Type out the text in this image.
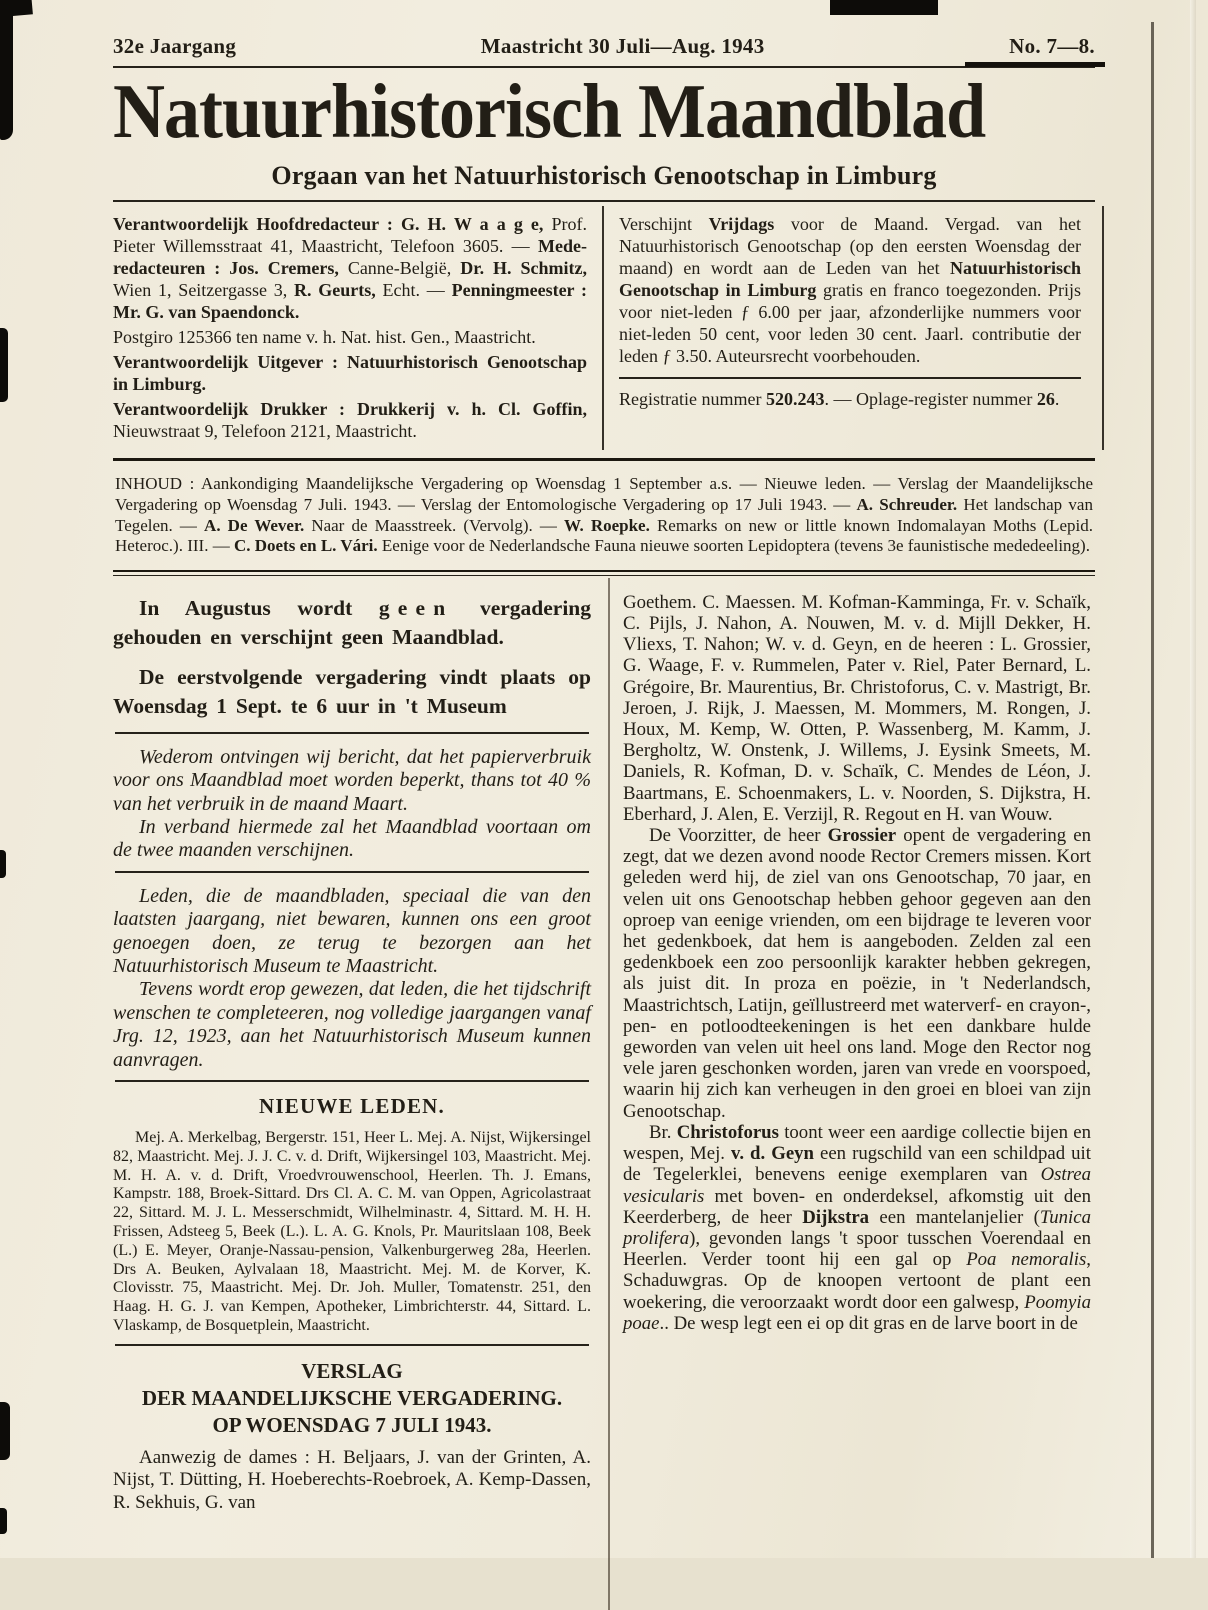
32e Jaargang	Maastricht 30 Juli—Aug. 1943	No. 7—8.
Natuurhistorisch Maandblad
Orgaan van het Natuurhistorisch Genootschap in Limburg

Verantwoordelijk Hoofdredacteur : G. H. W a a g e, Prof. Pieter Willemsstraat 41, Maastricht, Telefoon 3605. — Mede-redacteuren : Jos. Cremers, Canne-België, Dr. H. Schmitz, Wien 1, Seitzergasse 3, R. Geurts, Echt. — Penningmeester : Mr. G. van Spaendonck.

Postgiro 125366 ten name v. h. Nat. hist. Gen., Maastricht.

Verantwoordelijk Uitgever : Natuurhistorisch Genootschap in Limburg.

Verantwoordelijk Drukker : Drukkerij v. h. Cl. Goffin, Nieuwstraat 9, Telefoon 2121, Maastricht.

Verschijnt Vrijdags voor de Maand. Vergad. van het Natuurhistorisch Genootschap (op den eersten Woensdag der maand) en wordt aan de Leden van het Natuurhistorisch Genootschap in Limburg gratis en franco toegezonden. Prijs voor niet-leden ƒ 6.00 per jaar, afzonderlijke nummers voor niet-leden 50 cent, voor leden 30 cent. Jaarl. contributie der leden ƒ 3.50. Auteursrecht voorbehouden.

Registratie nummer 520.243. — Oplage-register nummer 26.

INHOUD : Aankondiging Maandelijksche Vergadering op Woensdag 1 September a.s. — Nieuwe leden. — Verslag der Maandelijksche Vergadering op Woensdag 7 Juli. 1943. — Verslag der Entomologische Vergadering op 17 Juli 1943. — A. Schreuder. Het landschap van Tegelen. — A. De Wever. Naar de Maasstreek. (Vervolg). — W. Roepke. Remarks on new or little known Indomalayan Moths (Lepid. Heteroc.). III. — C. Doets en L. Vári. Eenige voor de Nederlandsche Fauna nieuwe soorten Lepidoptera (tevens 3e faunistische mededeeling).

In Augustus wordt geen vergadering gehouden en verschijnt geen Maandblad.

De eerstvolgende vergadering vindt plaats op Woensdag 1 Sept. te 6 uur in 't Museum

Wederom ontvingen wij bericht, dat het papierverbruik voor ons Maandblad moet worden beperkt, thans tot 40 % van het verbruik in de maand Maart.

In verband hiermede zal het Maandblad voortaan om de twee maanden verschijnen.

Leden, die de maandbladen, speciaal die van den laatsten jaargang, niet bewaren, kunnen ons een groot genoegen doen, ze terug te bezorgen aan het Natuurhistorisch Museum te Maastricht.

Tevens wordt erop gewezen, dat leden, die het tijdschrift wenschen te completeeren, nog volledige jaargangen vanaf Jrg. 12, 1923, aan het Natuurhistorisch Museum kunnen aanvragen.

NIEUWE LEDEN.

Mej. A. Merkelbag, Bergerstr. 151, Heer L. Mej. A. Nijst, Wijkersingel 82, Maastricht. Mej. J. J. C. v. d. Drift, Wijkersingel 103, Maastricht. Mej. M. H. A. v. d. Drift, Vroedvrouwenschool, Heerlen. Th. J. Emans, Kampstr. 188, Broek-Sittard. Drs Cl. A. C. M. van Oppen, Agricolastraat 22, Sittard. M. J. L. Messerschmidt, Wilhelminastr. 4, Sittard. M. H. H. Frissen, Adsteeg 5, Beek (L.). L. A. G. Knols, Pr. Mauritslaan 108, Beek (L.) E. Meyer, Oranje-Nassau-pension, Valkenburgerweg 28a, Heerlen. Drs A. Beuken, Aylvalaan 18, Maastricht. Mej. M. de Korver, K. Clovisstr. 75, Maastricht. Mej. Dr. Joh. Muller, Tomatenstr. 251, den Haag. H. G. J. van Kempen, Apotheker, Limbrichterstr. 44, Sittard. L. Vlaskamp, de Bosquetplein, Maastricht.

VERSLAG
DER MAANDELIJKSCHE VERGADERING.
OP WOENSDAG 7 JULI 1943.

Aanwezig de dames : H. Beljaars, J. van der Grinten, A. Nijst, T. Dütting, H. Hoeberechts-Roebroek, A. Kemp-Dassen, R. Sekhuis, G. van

Goethem. C. Maessen. M. Kofman-Kamminga, Fr. v. Schaïk, C. Pijls, J. Nahon, A. Nouwen, M. v. d. Mijll Dekker, H. Vliexs, T. Nahon; W. v. d. Geyn, en de heeren : L. Grossier, G. Waage, F. v. Rummelen, Pater v. Riel, Pater Bernard, L. Grégoire, Br. Maurentius, Br. Christoforus, C. v. Mastrigt, Br. Jeroen, J. Rijk, J. Maessen, M. Mommers, M. Rongen, J. Houx, M. Kemp, W. Otten, P. Wassenberg, M. Kamm, J. Bergholtz, W. Onstenk, J. Willems, J. Eysink Smeets, M. Daniels, R. Kofman, D. v. Schaïk, C. Mendes de Léon, J. Baartmans, E. Schoenmakers, L. v. Noorden, S. Dijkstra, H. Eberhard, J. Alen, E. Verzijl, R. Regout en H. van Wouw.

De Voorzitter, de heer Grossier opent de vergadering en zegt, dat we dezen avond noode Rector Cremers missen. Kort geleden werd hij, de ziel van ons Genootschap, 70 jaar, en velen uit ons Genootschap hebben gehoor gegeven aan den oproep van eenige vrienden, om een bijdrage te leveren voor het gedenkboek, dat hem is aangeboden. Zelden zal een gedenkboek een zoo persoonlijk karakter hebben gekregen, als juist dit. In proza en poëzie, in 't Nederlandsch, Maastrichtsch, Latijn, geïllustreerd met waterverf- en crayon-, pen- en potloodteekeningen is het een dankbare hulde geworden van velen uit heel ons land. Moge den Rector nog vele jaren geschonken worden, jaren van vrede en voorspoed, waarin hij zich kan verheugen in den groei en bloei van zijn Genootschap.

Br. Christoforus toont weer een aardige collectie bijen en wespen, Mej. v. d. Geyn een rugschild van een schildpad uit de Tegelerklei, benevens eenige exemplaren van Ostrea vesicularis met boven- en onderdeksel, afkomstig uit den Keerderberg, de heer Dijkstra een mantelanjelier (Tunica prolifera), gevonden langs 't spoor tusschen Voerendaal en Heerlen. Verder toont hij een gal op Poa nemoralis, Schaduwgras. Op de knoopen vertoont de plant een woekering, die veroorzaakt wordt door een galwesp, Poomyia poae.. De wesp legt een ei op dit gras en de larve boort in de
